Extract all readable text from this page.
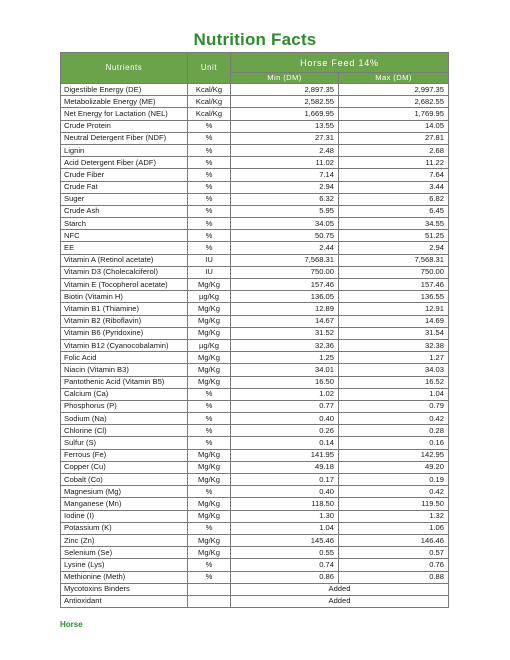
Nutrition Facts
Nutrients	Unit	Horse Feed 14%	
		Min (DM)	Max (DM)
Digestible Energy (DE)	Kcal/Kg	2,897.35	2,997.35
Metabolizable Energy (ME)	Kcal/Kg	2,582.55	2,682.55
Net Energy for Lactation (NEL)	Kcal/Kg	1,669.95	1,769.95
Crude Protein	%	13.55	14.05
Neutral Detergent Fiber (NDF)	%	27.31	27.81
Lignin	%	2.48	2.68
Acid Detergent Fiber (ADF)	%	11.02	11.22
Crude Fiber	%	7.14	7.64
Crude Fat	%	2.94	3.44
Suger	%	6.32	6.82
Crude Ash	%	5.95	6.45
Starch	%	34.05	34.55
NFC	%	50.75	51.25
EE	%	2.44	2.94
Vitamin A (Retinol acetate)	IU	7,568.31	7,568.31
Vitamin D3 (Cholecalciferol)	IU	750.00	750.00
Vitamin E (Tocopherol acetate)	Mg/Kg	157.46	157.46
Biotin (Vitamin H)	µg/Kg	136.05	136.55
Vitamin B1 (Thiamine)	Mg/Kg	12.89	12.91
Vitamin B2 (Riboflavin)	Mg/Kg	14.67	14.69
Vitamin B6 (Pyridoxine)	Mg/Kg	31.52	31.54
Vitamin B12 (Cyanocobalamin)	µg/Kg	32.36	32.38
Folic Acid	Mg/Kg	1.25	1.27
Niacin (Vitamin B3)	Mg/Kg	34.01	34.03
Pantothenic Acid (Vitamin B5)	Mg/Kg	16.50	16.52
Calcium (Ca)	%	1.02	1.04
Phosphorus (P)	%	0.77	0.79
Sodium (Na)	%	0.40	0.42
Chlorine (Cl)	%	0.26	0.28
Sulfur (S)	%	0.14	0.16
Ferrous (Fe)	Mg/Kg	141.95	142.95
Copper (Cu)	Mg/Kg	49.18	49.20
Cobalt (Co)	Mg/Kg	0.17	0.19
Magnesium (Mg)	%	0.40	0.42
Manganese (Mn)	Mg/Kg	118.50	119.50
Iodine (I)	Mg/Kg	1.30	1.32
Potassium (K)	%	1.04	1.06
Zinc (Zn)	Mg/Kg	145.46	146.46
Selenium (Se)	Mg/Kg	0.55	0.57
Lysine (Lys)	%	0.74	0.76
Methionine (Meth)	%	0.86	0.88
Mycotoxins Binders		Added	
Antioxidant		Added	
Horse
